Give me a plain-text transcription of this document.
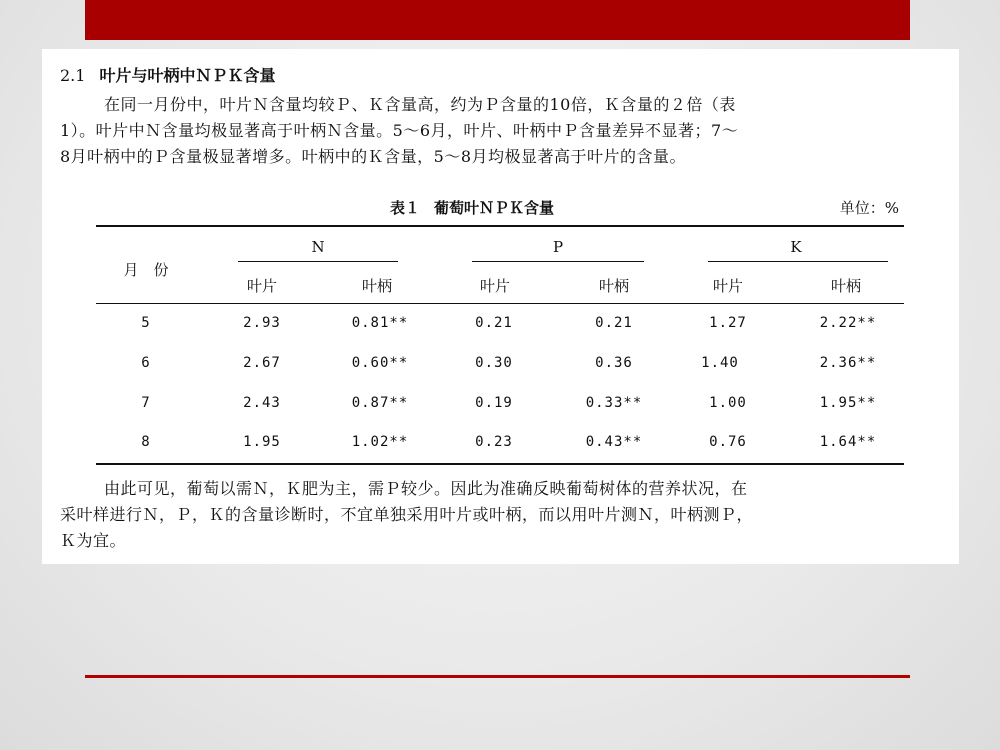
2.1 叶片与叶柄中ＮＰＫ含量
在同一月份中，叶片Ｎ含量均较Ｐ、Ｋ含量高，约为Ｐ含量的10倍，Ｋ含量的２倍（表
1）。叶片中Ｎ含量均极显著高于叶柄Ｎ含量。5～6月，叶片、叶柄中Ｐ含量差异不显著；7～
8月叶柄中的Ｐ含量极显著增多。叶柄中的Ｋ含量，5～8月均极显著高于叶片的含量。
表１ 葡萄叶ＮＰＫ含量	单位：%
月　份
N	P	K
叶片	叶柄	叶片	叶柄	叶片	叶柄
5	2.93	0.81**	0.21	0.21	1.27	2.22**
6	2.67	0.60**	0.30	0.36	1.40	2.36**
7	2.43	0.87**	0.19	0.33**	1.00	1.95**
8	1.95	1.02**	0.23	0.43**	0.76	1.64**
由此可见，葡萄以需Ｎ，Ｋ肥为主，需Ｐ较少。因此为准确反映葡萄树体的营养状况，在
采叶样进行Ｎ，Ｐ，Ｋ的含量诊断时，不宜单独采用叶片或叶柄，而以用叶片测Ｎ，叶柄测Ｐ，
Ｋ为宜。
